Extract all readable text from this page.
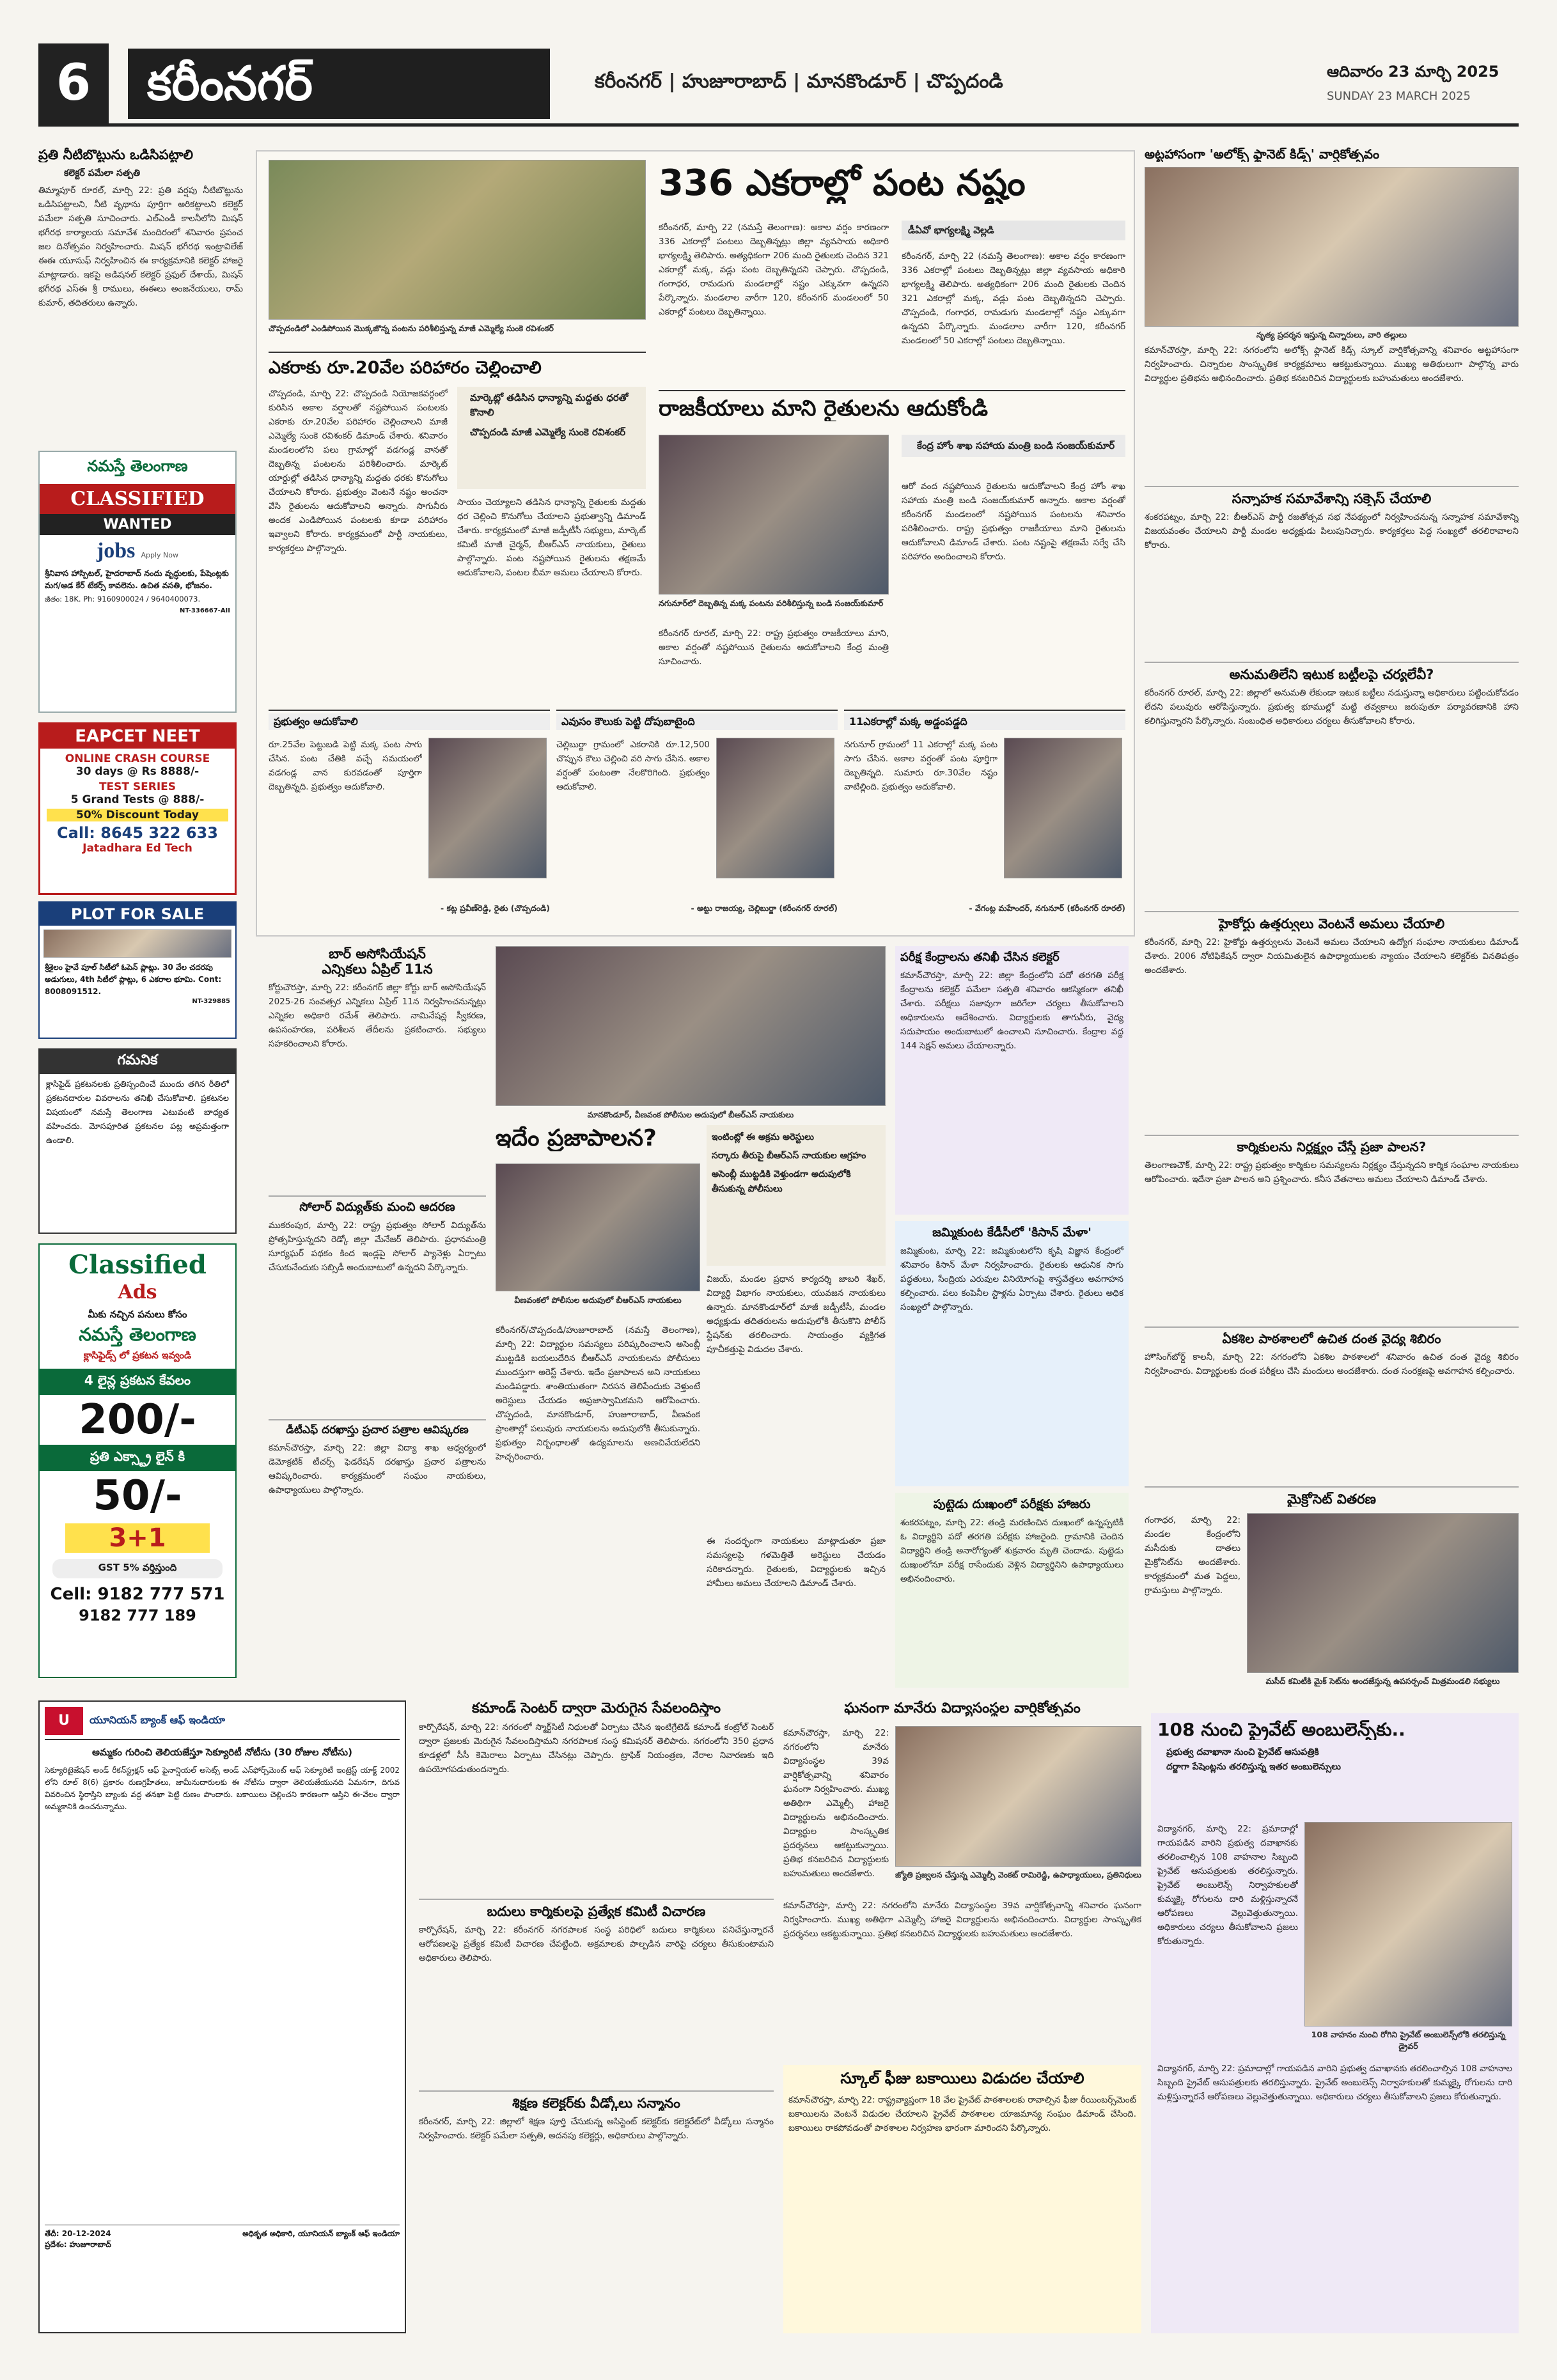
6	కరీంనగర్	కరీంనగర్ | హుజూరాబాద్ | మానకొండూర్ | చొప్పదండి	ఆదివారం 23 మార్చి 2025
SUNDAY 23 MARCH 2025
ప్రతి నీటిబొట్టును ఒడిసిపట్టాలి
కలెక్టర్ పమేలా సత్పతి
తిమ్మాపూర్ రూరల్, మార్చి 22: ప్రతి వర్షపు నీటిబొట్టును ఒడిసిపట్టాలని, నీటి వృథాను పూర్తిగా అరికట్టాలని కలెక్టర్ పమేలా సత్పతి సూచించారు. ఎల్ఎండీ కాలనీలోని మిషన్ భగీరథ కార్యాలయ సమావేశ మందిరంలో శనివారం ప్రపంచ జల దినోత్సవం నిర్వహించారు. మిషన్ భగీరథ ఇంట్రావిలేజ్ ఈఈ యూసుఫ్ నిర్వహించిన ఈ కార్యక్రమానికి కలెక్టర్ హాజరై మాట్లాడారు. ఇకపై అడిషనల్ కలెక్టర్ ప్రఫుల్ దేశాయ్, మిషన్ భగీరథ ఎస్ఈ శ్రీ రాములు, ఈఈలు అంజనేయులు, రామ్ కుమార్, తదితరులు ఉన్నారు.
నమస్తే తెలంగాణ
CLASSIFIED
WANTED
jobs Apply Now
శ్రీనివాస హాస్పిటల్, హైదరాబాద్ నందు వృద్ధులకు, పేషెంట్లకు మగ/ఆడ కేర్ టేకర్స్ కావలెను. ఉచిత వసతి, భోజనం.
జీతం: 18K. Ph: 9160900024 / 9640400073.
NT-336667-AII
EAPCET NEET
ONLINE CRASH COURSE
30 days @ Rs 8888/-
TEST SERIES
5 Grand Tests @ 888/-
50% Discount Today
Call: 8645 322 633
Jatadhara Ed Tech
PLOT FOR SALE
శ్రీశైలం హైవే పూల్ సిటీలో ఓపెన్ ప్లాట్లు. 30 వేల చదరపు అడుగులు, 4th సిటీలో ప్లాట్లు, 6 ఎకరాల భూమి. Cont: 8008091512.
NT-329885
గమనిక
క్లాసిఫైడ్ ప్రకటనలకు ప్రతిస్పందించే ముందు తగిన రీతిలో ప్రకటనదారుల వివరాలను తనిఖీ చేసుకోవాలి. ప్రకటనల విషయంలో నమస్తే తెలంగాణ ఎటువంటి బాధ్యత వహించదు. మోసపూరిత ప్రకటనల పట్ల అప్రమత్తంగా ఉండాలి.
Classified
Ads
మీకు నచ్చిన పనులు కోసం
నమస్తే తెలంగాణ
క్లాసిఫైడ్స్ లో ప్రకటన ఇవ్వండి
4 లైన్ల ప్రకటన కేవలం
200/-
ప్రతి ఎక్స్ట్రా లైన్ కి
50/-
3+1
GST 5% వర్తిస్తుంది
Cell: 9182 777 571
9182 777 189
చొప్పదండిలో ఎండిపోయిన మొక్కజొన్న పంటను పరిశీలిస్తున్న మాజీ ఎమ్మెల్యే సుంకె రవిశంకర్
ఎకరాకు రూ.20వేల పరిహారం చెల్లించాలి
చొప్పదండి, మార్చి 22: చొప్పదండి నియోజకవర్గంలో కురిసిన అకాల వర్షాలతో నష్టపోయిన పంటలకు ఎకరాకు రూ.20వేల పరిహారం చెల్లించాలని మాజీ ఎమ్మెల్యే సుంకె రవిశంకర్ డిమాండ్ చేశారు. శనివారం మండలంలోని పలు గ్రామాల్లో వడగండ్ల వానతో దెబ్బతిన్న పంటలను పరిశీలించారు. మార్కెట్ యార్డుల్లో తడిసిన ధాన్యాన్ని మద్దతు ధరకు కొనుగోలు చేయాలని కోరారు. ప్రభుత్వం వెంటనే నష్టం అంచనా వేసి రైతులను ఆదుకోవాలని అన్నారు. సాగునీరు అందక ఎండిపోయిన పంటలకు కూడా పరిహారం ఇవ్వాలని కోరారు. కార్యక్రమంలో పార్టీ నాయకులు, కార్యకర్తలు పాల్గొన్నారు.
మార్కెట్లో తడిసిన ధాన్యాన్ని మద్దతు ధరతో కొనాలి
చొప్పదండి మాజీ ఎమ్మెల్యే సుంకె రవిశంకర్
సాయం చెయ్యాలని తడిసిన ధాన్యాన్ని రైతులకు మద్దతు ధర చెల్లించి కొనుగోలు చేయాలని ప్రభుత్వాన్ని డిమాండ్ చేశారు. కార్యక్రమంలో మాజీ జడ్పీటీసీ సభ్యులు, మార్కెట్ కమిటీ మాజీ చైర్మన్, బీఆర్ఎస్ నాయకులు, రైతులు పాల్గొన్నారు. పంట నష్టపోయిన రైతులను తక్షణమే ఆదుకోవాలని, పంటల బీమా అమలు చేయాలని కోరారు.
336 ఎకరాల్లో పంట నష్టం
కరీంనగర్, మార్చి 22 (నమస్తే తెలంగాణ): అకాల వర్షం కారణంగా 336 ఎకరాల్లో పంటలు దెబ్బతిన్నట్లు జిల్లా వ్యవసాయ అధికారి భాగ్యలక్ష్మి తెలిపారు. అత్యధికంగా 206 మంది రైతులకు చెందిన 321 ఎకరాల్లో మక్క, వడ్లు పంట దెబ్బతిన్నదని చెప్పారు. చొప్పదండి, గంగాధర, రామడుగు మండలాల్లో నష్టం ఎక్కువగా ఉన్నదని పేర్కొన్నారు. మండలాల వారీగా 120, కరీంనగర్ మండలంలో 50 ఎకరాల్లో పంటలు దెబ్బతిన్నాయి.
డీఏవో భాగ్యలక్ష్మి వెల్లడి
కరీంనగర్, మార్చి 22 (నమస్తే తెలంగాణ): అకాల వర్షం కారణంగా 336 ఎకరాల్లో పంటలు దెబ్బతిన్నట్లు జిల్లా వ్యవసాయ అధికారి భాగ్యలక్ష్మి తెలిపారు. అత్యధికంగా 206 మంది రైతులకు చెందిన 321 ఎకరాల్లో మక్క, వడ్లు పంట దెబ్బతిన్నదని చెప్పారు. చొప్పదండి, గంగాధర, రామడుగు మండలాల్లో నష్టం ఎక్కువగా ఉన్నదని పేర్కొన్నారు. మండలాల వారీగా 120, కరీంనగర్ మండలంలో 50 ఎకరాల్లో పంటలు దెబ్బతిన్నాయి.
రాజకీయాలు మాని రైతులను ఆదుకోండి
నగునూర్‌లో దెబ్బతిన్న మక్క పంటను పరిశీలిస్తున్న బండి సంజయ్‌కుమార్
కేంద్ర హోం శాఖ సహాయ మంత్రి బండి సంజయ్‌కుమార్
ఆరో వంద నష్టపోయిన రైతులను ఆదుకోవాలని కేంద్ర హోం శాఖ సహాయ మంత్రి బండి సంజయ్‌కుమార్ అన్నారు. అకాల వర్షంతో కరీంనగర్ మండలంలో నష్టపోయిన పంటలను శనివారం పరిశీలించారు. రాష్ట్ర ప్రభుత్వం రాజకీయాలు మాని రైతులను ఆదుకోవాలని డిమాండ్ చేశారు. పంట నష్టంపై తక్షణమే సర్వే చేసి పరిహారం అందించాలని కోరారు.
కరీంనగర్ రూరల్, మార్చి 22: రాష్ట్ర ప్రభుత్వం రాజకీయాలు మాని, అకాల వర్షంతో నష్టపోయిన రైతులను ఆదుకోవాలని కేంద్ర మంత్రి సూచించారు.
ప్రభుత్వం ఆదుకోవాలి
రూ.25వేల పెట్టుబడి పెట్టి మక్క పంట సాగు చేసిన. పంట చేతికి వచ్చే సమయంలో వడగండ్ల వాన కురవడంతో పూర్తిగా దెబ్బతిన్నది. ప్రభుత్వం ఆదుకోవాలి.
- కట్ల ప్రవీణ్‌రెడ్డి, రైతు (చొప్పదండి)
ఎవుసం కౌలుకు పెట్టి దోపుబాటైంది
చెల్లిబుర్జా గ్రామంలో ఎకరానికి రూ.12,500 చొప్పున కౌలు చెల్లించి వరి సాగు చేసిన. అకాల వర్షంతో పంటంతా నేలకొరిగింది. ప్రభుత్వం ఆదుకోవాలి.
- అట్టు రాజయ్య, చెల్లిబుర్జా (కరీంనగర్ రూరల్)
11ఎకరాల్లో మక్క అడ్డంపడ్డది
నగునూర్ గ్రామంలో 11 ఎకరాల్లో మక్క పంట సాగు చేసిన. అకాల వర్షంతో పంట పూర్తిగా దెబ్బతిన్నది. సుమారు రూ.30వేల నష్టం వాటిల్లింది. ప్రభుత్వం ఆదుకోవాలి.
- వేగంట్ల మహేందర్, నగునూర్ (కరీంనగర్ రూరల్)
బార్ అసోసియేషన్
ఎన్నికలు ఏప్రిల్ 11న
కోర్టుచౌరస్తా, మార్చి 22: కరీంనగర్ జిల్లా కోర్టు బార్ అసోసియేషన్ 2025-26 సంవత్సర ఎన్నికలు ఏప్రిల్ 11న నిర్వహించనున్నట్లు ఎన్నికల అధికారి రమేశ్ తెలిపారు. నామినేషన్ల స్వీకరణ, ఉపసంహరణ, పరిశీలన తేదీలను ప్రకటించారు. సభ్యులు సహకరించాలని కోరారు.
సోలార్ విద్యుత్‌కు మంచి ఆదరణ
ముకరంపుర, మార్చి 22: రాష్ట్ర ప్రభుత్వం సోలార్ విద్యుత్‌ను ప్రోత్సహిస్తున్నదని రెడ్కో జిల్లా మేనేజర్ తెలిపారు. ప్రధానమంత్రి సూర్యఘర్ పథకం కింద ఇండ్లపై సోలార్ ప్యానెళ్లు ఏర్పాటు చేసుకునేందుకు సబ్సిడీ అందుబాటులో ఉన్నదని పేర్కొన్నారు.
డీటీఎఫ్ దరఖాస్తు ప్రచార పత్రాల ఆవిష్కరణ
కమాన్‌చౌరస్తా, మార్చి 22: జిల్లా విద్యా శాఖ ఆధ్వర్యంలో డెమోక్రటిక్ టీచర్స్ ఫెడరేషన్ దరఖాస్తు ప్రచార పత్రాలను ఆవిష్కరించారు. కార్యక్రమంలో సంఘం నాయకులు, ఉపాధ్యాయులు పాల్గొన్నారు.
మానకొండూర్, వీణవంక పోలీసుల అదుపులో బీఆర్ఎస్ నాయకులు
ఇదేం ప్రజాపాలన?	ఇంటింట్లో ఈ అక్రమ అరెస్టులు
సర్కారు తీరుపై బీఆర్ఎస్ నాయకుల ఆగ్రహం
అసెంబ్లీ ముట్టడికి వెళ్తుండగా అదుపులోకి తీసుకున్న పోలీసులు
వీణవంకలో పోలీసుల అదుపులో బీఆర్ఎస్ నాయకులు
కరీంనగర్/చొప్పదండి/హుజూరాబాద్ (నమస్తే తెలంగాణ), మార్చి 22: విద్యార్థుల సమస్యలు పరిష్కరించాలని అసెంబ్లీ ముట్టడికి బయలుదేరిన బీఆర్ఎస్ నాయకులను పోలీసులు ముందస్తుగా అరెస్ట్ చేశారు. ఇదేం ప్రజాపాలన అని నాయకులు మండిపడ్డారు. శాంతియుతంగా నిరసన తెలిపేందుకు వెళ్తుంటే అరెస్టులు చేయడం అప్రజాస్వామికమని ఆరోపించారు. చొప్పదండి, మానకొండూర్, హుజూరాబాద్, వీణవంక ప్రాంతాల్లో పలువురు నాయకులను అదుపులోకి తీసుకున్నారు. ప్రభుత్వం నిర్బంధాలతో ఉద్యమాలను అణచివేయలేదని హెచ్చరించారు.
విజయ్, మండల ప్రధాన కార్యదర్శి జాబరి శేఖర్, విద్యార్థి విభాగం నాయకులు, యువజన నాయకులు ఉన్నారు. మానకొండూర్‌లో మాజీ జడ్పీటీసీ, మండల అధ్యక్షుడు తదితరులను అదుపులోకి తీసుకొని పోలీస్ స్టేషన్‌కు తరలించారు. సాయంత్రం వ్యక్తిగత పూచీకత్తుపై విడుదల చేశారు.
ఈ సందర్భంగా నాయకులు మాట్లాడుతూ ప్రజా సమస్యలపై గళమెత్తితే అరెస్టులు చేయడం సరికాదన్నారు. రైతులకు, విద్యార్థులకు ఇచ్చిన హామీలు అమలు చేయాలని డిమాండ్ చేశారు.
పరీక్ష కేంద్రాలను తనిఖీ చేసిన కలెక్టర్
కమాన్‌చౌరస్తా, మార్చి 22: జిల్లా కేంద్రంలోని పదో తరగతి పరీక్ష కేంద్రాలను కలెక్టర్ పమేలా సత్పతి శనివారం ఆకస్మికంగా తనిఖీ చేశారు. పరీక్షలు సజావుగా జరిగేలా చర్యలు తీసుకోవాలని అధికారులను ఆదేశించారు. విద్యార్థులకు తాగునీరు, వైద్య సదుపాయం అందుబాటులో ఉంచాలని సూచించారు. కేంద్రాల వద్ద 144 సెక్షన్ అమలు చేయాలన్నారు.
జమ్మికుంట కేడీసీలో 'కిసాన్ మేళా'
జమ్మికుంట, మార్చి 22: జమ్మికుంటలోని కృషి విజ్ఞాన కేంద్రంలో శనివారం కిసాన్ మేళా నిర్వహించారు. రైతులకు ఆధునిక సాగు పద్ధతులు, సేంద్రియ ఎరువుల వినియోగంపై శాస్త్రవేత్తలు అవగాహన కల్పించారు. పలు కంపెనీల స్టాళ్లను ఏర్పాటు చేశారు. రైతులు అధిక సంఖ్యలో పాల్గొన్నారు.
పుట్టెడు దుఃఖంలో పరీక్షకు హాజరు
శంకరపట్నం, మార్చి 22: తండ్రి మరణించిన దుఃఖంలో ఉన్నప్పటికీ ఓ విద్యార్థిని పదో తరగతి పరీక్షకు హాజరైంది. గ్రామానికి చెందిన విద్యార్థిని తండ్రి అనారోగ్యంతో శుక్రవారం మృతి చెందాడు. పుట్టెడు దుఃఖంలోనూ పరీక్ష రాసేందుకు వెళ్లిన విద్యార్థినిని ఉపాధ్యాయులు అభినందించారు.
అట్టహాసంగా 'అలోక్స్ ఫ్లానెట్ కిడ్స్' వార్షికోత్సవం
నృత్య ప్రదర్శన ఇస్తున్న చిన్నారులు, వారి తల్లులు
కమాన్‌చౌరస్తా, మార్చి 22: నగరంలోని అలోక్స్ ఫ్లానెట్ కిడ్స్ స్కూల్ వార్షికోత్సవాన్ని శనివారం అట్టహాసంగా నిర్వహించారు. చిన్నారుల సాంస్కృతిక కార్యక్రమాలు ఆకట్టుకున్నాయి. ముఖ్య అతిథులుగా పాల్గొన్న వారు విద్యార్థుల ప్రతిభను అభినందించారు. ప్రతిభ కనబరిచిన విద్యార్థులకు బహుమతులు అందజేశారు.
సన్నాహక సమావేశాన్ని సక్సెస్ చేయాలి
శంకరపట్నం, మార్చి 22: బీఆర్ఎస్ పార్టీ రజతోత్సవ సభ నేపథ్యంలో నిర్వహించనున్న సన్నాహక సమావేశాన్ని విజయవంతం చేయాలని పార్టీ మండల అధ్యక్షుడు పిలుపునిచ్చారు. కార్యకర్తలు పెద్ద సంఖ్యలో తరలిరావాలని కోరారు.
అనుమతిలేని ఇటుక బట్టీలపై చర్యలేవీ?
కరీంనగర్ రూరల్, మార్చి 22: జిల్లాలో అనుమతి లేకుండా ఇటుక బట్టీలు నడుస్తున్నా అధికారులు పట్టించుకోవడం లేదని పలువురు ఆరోపిస్తున్నారు. ప్రభుత్వ భూముల్లో మట్టి తవ్వకాలు జరుపుతూ పర్యావరణానికి హాని కలిగిస్తున్నారని పేర్కొన్నారు. సంబంధిత అధికారులు చర్యలు తీసుకోవాలని కోరారు.
హైకోర్టు ఉత్తర్వులు వెంటనే అమలు చేయాలి
కరీంనగర్, మార్చి 22: హైకోర్టు ఉత్తర్వులను వెంటనే అమలు చేయాలని ఉద్యోగ సంఘాల నాయకులు డిమాండ్ చేశారు. 2006 నోటిఫికేషన్ ద్వారా నియమితులైన ఉపాధ్యాయులకు న్యాయం చేయాలని కలెక్టర్‌కు వినతిపత్రం అందజేశారు.
కార్మికులను నిర్లక్ష్యం చేస్తే ప్రజా పాలన?
తెలంగాణచౌక్, మార్చి 22: రాష్ట్ర ప్రభుత్వం కార్మికుల సమస్యలను నిర్లక్ష్యం చేస్తున్నదని కార్మిక సంఘాల నాయకులు ఆరోపించారు. ఇదేనా ప్రజా పాలన అని ప్రశ్నించారు. కనీస వేతనాలు అమలు చేయాలని డిమాండ్ చేశారు.
ఏకశిల పాఠశాలలో ఉచిత దంత వైద్య శిబిరం
హౌసింగ్‌బోర్డ్ కాలనీ, మార్చి 22: నగరంలోని ఏకశిల పాఠశాలలో శనివారం ఉచిత దంత వైద్య శిబిరం నిర్వహించారు. విద్యార్థులకు దంత పరీక్షలు చేసి మందులు అందజేశారు. దంత సంరక్షణపై అవగాహన కల్పించారు.
మైక్రోసెట్ వితరణ
గంగాధర, మార్చి 22: మండల కేంద్రంలోని మసీదుకు దాతలు మైక్రోసెట్‌ను అందజేశారు. కార్యక్రమంలో మత పెద్దలు, గ్రామస్తులు పాల్గొన్నారు.
మసీద్ కమిటీకి మైక్ సెట్‌ను అందజేస్తున్న ఉపసర్పంచ్ మిత్రమండలి సభ్యులు
U	యూనియన్ బ్యాంక్ ఆఫ్ ఇండియా
అమ్మకం గురించి తెలియజేస్తూ సెక్యూరిటీ నోటీసు (30 రోజుల నోటీసు)
సెక్యూరిటైజేషన్ అండ్ రీకన్‌స్ట్రక్షన్ ఆఫ్ ఫైనాన్షియల్ అసెట్స్ అండ్ ఎన్‌ఫోర్స్‌మెంట్ ఆఫ్ సెక్యూరిటీ ఇంట్రెస్ట్ యాక్ట్ 2002 లోని రూల్ 8(6) ప్రకారం రుణగ్రహీతలు, జామీనుదారులకు ఈ నోటీసు ద్వారా తెలియజేయునది ఏమనగా, దిగువ వివరించిన స్థిరాస్తిని బ్యాంకు వద్ద తనఖా పెట్టి రుణం పొందారు. బకాయిలు చెల్లించని కారణంగా ఆస్తిని ఈ-వేలం ద్వారా అమ్మకానికి ఉంచనున్నాము.
తేదీ: 20-12-2024
ప్రదేశం: హుజూరాబాద్
అధికృత అధికారి, యూనియన్ బ్యాంక్ ఆఫ్ ఇండియా
కమాండ్ సెంటర్ ద్వారా మెరుగైన సేవలందిస్తాం
కార్పొరేషన్, మార్చి 22: నగరంలో స్మార్ట్‌సిటీ నిధులతో ఏర్పాటు చేసిన ఇంటిగ్రేటెడ్ కమాండ్ కంట్రోల్ సెంటర్ ద్వారా ప్రజలకు మెరుగైన సేవలందిస్తామని నగరపాలక సంస్థ కమిషనర్ తెలిపారు. నగరంలోని 350 ప్రధాన కూడళ్లలో సీసీ కెమెరాలు ఏర్పాటు చేసినట్లు చెప్పారు. ట్రాఫిక్ నియంత్రణ, నేరాల నివారణకు ఇది ఉపయోగపడుతుందన్నారు.
బదులు కార్మికులపై ప్రత్యేక కమిటీ విచారణ
కార్పొరేషన్, మార్చి 22: కరీంనగర్ నగరపాలక సంస్థ పరిధిలో బదులు కార్మికులు పనిచేస్తున్నారనే ఆరోపణలపై ప్రత్యేక కమిటీ విచారణ చేపట్టింది. అక్రమాలకు పాల్పడిన వారిపై చర్యలు తీసుకుంటామని అధికారులు తెలిపారు.
శిక్షణ కలెక్టర్‌కు వీడ్కోలు సన్మానం
కరీంనగర్, మార్చి 22: జిల్లాలో శిక్షణ పూర్తి చేసుకున్న అసిస్టెంట్ కలెక్టర్‌కు కలెక్టరేట్‌లో వీడ్కోలు సన్మానం నిర్వహించారు. కలెక్టర్ పమేలా సత్పతి, అదనపు కలెక్టర్లు, అధికారులు పాల్గొన్నారు.
ఘనంగా మానేరు విద్యాసంస్థల వార్షికోత్సవం
కమాన్‌చౌరస్తా, మార్చి 22: నగరంలోని మానేరు విద్యాసంస్థల 39వ వార్షికోత్సవాన్ని శనివారం ఘనంగా నిర్వహించారు. ముఖ్య అతిథిగా ఎమ్మెల్సీ హాజరై విద్యార్థులను అభినందించారు. విద్యార్థుల సాంస్కృతిక ప్రదర్శనలు ఆకట్టుకున్నాయి. ప్రతిభ కనబరిచిన విద్యార్థులకు బహుమతులు అందజేశారు.	జ్యోతి ప్రజ్వలన చేస్తున్న ఎమ్మెల్సీ వెంకట్ రామిరెడ్డి, ఉపాధ్యాయులు, ప్రతినిధులు
కమాన్‌చౌరస్తా, మార్చి 22: నగరంలోని మానేరు విద్యాసంస్థల 39వ వార్షికోత్సవాన్ని శనివారం ఘనంగా నిర్వహించారు. ముఖ్య అతిథిగా ఎమ్మెల్సీ హాజరై విద్యార్థులను అభినందించారు. విద్యార్థుల సాంస్కృతిక ప్రదర్శనలు ఆకట్టుకున్నాయి. ప్రతిభ కనబరిచిన విద్యార్థులకు బహుమతులు అందజేశారు.
స్కూల్ ఫీజు బకాయిలు విడుదల చేయాలి
కమాన్‌చౌరస్తా, మార్చి 22: రాష్ట్రవ్యాప్తంగా 18 వేల ప్రైవేట్ పాఠశాలలకు రావాల్సిన ఫీజు రీయింబర్స్‌మెంట్ బకాయిలను వెంటనే విడుదల చేయాలని ప్రైవేట్ పాఠశాలల యాజమాన్య సంఘం డిమాండ్ చేసింది. బకాయిలు రాకపోవడంతో పాఠశాలల నిర్వహణ భారంగా మారిందని పేర్కొన్నారు.
108 నుంచి ప్రైవేట్ అంబులెన్స్‌కు..
ప్రభుత్వ దవాఖానా నుంచి ప్రైవేట్ ఆసుపత్రికి
దర్జాగా పేషెంట్లను తరలిస్తున్న ఇతర అంబులెన్సులు
విద్యానగర్, మార్చి 22: ప్రమాదాల్లో గాయపడిన వారిని ప్రభుత్వ దవాఖానకు తరలించాల్సిన 108 వాహనాల సిబ్బంది ప్రైవేట్ ఆసుపత్రులకు తరలిస్తున్నారు. ప్రైవేట్ అంబులెన్స్ నిర్వాహకులతో కుమ్మక్కై రోగులను దారి మళ్లిస్తున్నారనే ఆరోపణలు వెల్లువెత్తుతున్నాయి. అధికారులు చర్యలు తీసుకోవాలని ప్రజలు కోరుతున్నారు.
108 వాహనం నుంచి రోగిని ప్రైవేట్ అంబులెన్స్‌లోకి తరలిస్తున్న డ్రైవర్
విద్యానగర్, మార్చి 22: ప్రమాదాల్లో గాయపడిన వారిని ప్రభుత్వ దవాఖానకు తరలించాల్సిన 108 వాహనాల సిబ్బంది ప్రైవేట్ ఆసుపత్రులకు తరలిస్తున్నారు. ప్రైవేట్ అంబులెన్స్ నిర్వాహకులతో కుమ్మక్కై రోగులను దారి మళ్లిస్తున్నారనే ఆరోపణలు వెల్లువెత్తుతున్నాయి. అధికారులు చర్యలు తీసుకోవాలని ప్రజలు కోరుతున్నారు.
